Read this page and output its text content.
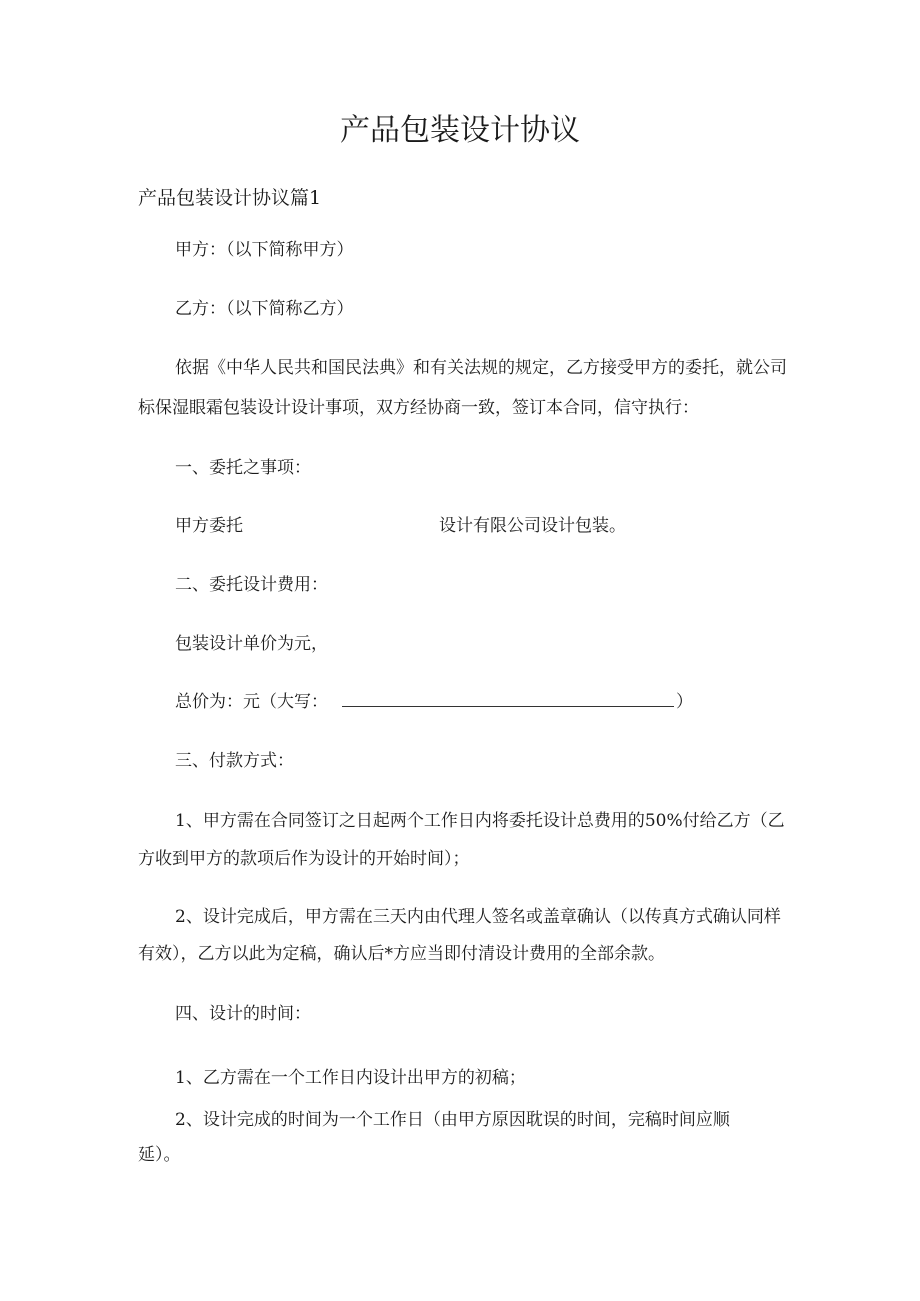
产品包装设计协议
产品包装设计协议篇1
甲方：（以下简称甲方）
乙方：（以下简称乙方）
依据《中华人民共和国民法典》和有关法规的规定，乙方接受甲方的委托，就公司
标保湿眼霜包装设计设计事项，双方经协商一致，签订本合同，信守执行：
一、委托之事项：
甲方委托	设计有限公司设计包装。
二、委托设计费用：
包装设计单价为元，
总价为：元（大写：	）
三、付款方式：
1、甲方需在合同签订之日起两个工作日内将委托设计总费用的50%付给乙方（乙
方收到甲方的款项后作为设计的开始时间）；
2、设计完成后，甲方需在三天内由代理人签名或盖章确认（以传真方式确认同样
有效），乙方以此为定稿，确认后*方应当即付清设计费用的全部余款。
四、设计的时间：
1、乙方需在一个工作日内设计出甲方的初稿；
2、设计完成的时间为一个工作日（由甲方原因耽误的时间，完稿时间应顺
延）。
